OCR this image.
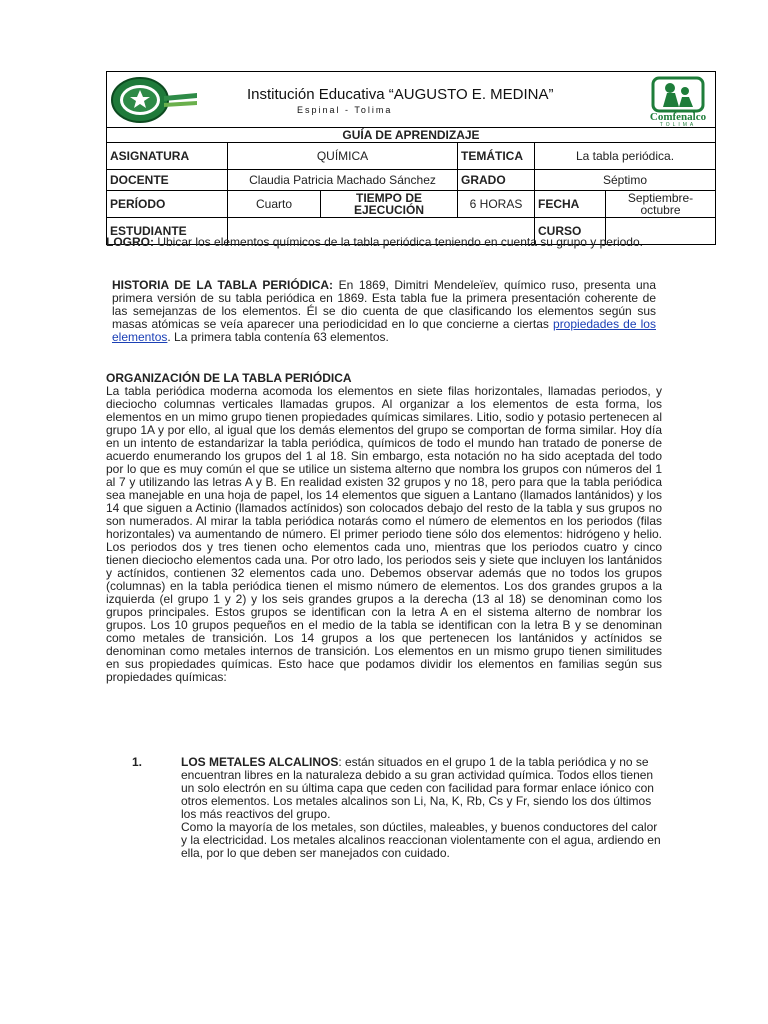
Institución Educativa “AUGUSTO E. MEDINA”
Espinal - Tolima
Comfenalco
TOLIMA
GUÍA DE APRENDIZAJE					
ASIGNATURA	QUÍMICA		TEMÁTICA	La tabla periódica.	
DOCENTE	Claudia Patricia Machado Sánchez		GRADO	Séptimo	
PERÍODO	Cuarto	TIEMPO DE EJECUCIÓN	6 HORAS	FECHA	Septiembre-octubre
ESTUDIANTE				CURSO	
LOGRO: Ubicar los elementos químicos de la tabla periódica teniendo en cuenta su grupo y periodo.
HISTORIA DE LA TABLA PERIÓDICA: En 1869, Dimitri Mendeleïev, químico ruso, presenta una primera versión de su tabla periódica en 1869. Esta tabla fue la primera presentación coherente de las semejanzas de los elementos. Él se dio cuenta de que clasificando los elementos según sus masas atómicas se veía aparecer una periodicidad en lo que concierne a ciertas propiedades de los elementos. La primera tabla contenía 63 elementos.
ORGANIZACIÓN DE LA TABLA PERIÓDICA
La tabla periódica moderna acomoda los elementos en siete filas horizontales, llamadas periodos, y dieciocho columnas verticales llamadas grupos. Al organizar a los elementos de esta forma, los elementos en un mimo grupo tienen propiedades químicas similares. Litio, sodio y potasio pertenecen al grupo 1A y por ello, al igual que los demás elementos del grupo se comportan de forma similar. Hoy día en un intento de estandarizar la tabla periódica, químicos de todo el mundo han tratado de ponerse de acuerdo enumerando los grupos del 1 al 18. Sin embargo, esta notación no ha sido aceptada del todo por lo que es muy común el que se utilice un sistema alterno que nombra los grupos con números del 1 al 7 y utilizando las letras A y B. En realidad existen 32 grupos y no 18, pero para que la tabla periódica sea manejable en una hoja de papel, los 14 elementos que siguen a Lantano (llamados lantánidos) y los 14 que siguen a Actinio (llamados actínidos) son colocados debajo del resto de la tabla y sus grupos no son numerados. Al mirar la tabla periódica notarás como el número de elementos en los periodos (filas horizontales) va aumentando de número. El primer periodo tiene sólo dos elementos: hidrógeno y helio. Los periodos dos y tres tienen ocho elementos cada uno, mientras que los periodos cuatro y cinco tienen dieciocho elementos cada una. Por otro lado, los periodos seis y siete que incluyen los lantánidos y actínidos, contienen 32 elementos cada uno. Debemos observar además que no todos los grupos (columnas) en la tabla periódica tienen el mismo número de elementos. Los dos grandes grupos a la izquierda (el grupo 1 y 2) y los seis grandes grupos a la derecha (13 al 18) se denominan como los grupos principales. Estos grupos se identifican con la letra A en el sistema alterno de nombrar los grupos. Los 10 grupos pequeños en el medio de la tabla se identifican con la letra B y se denominan como metales de transición. Los 14 grupos a los que pertenecen los lantánidos y actínidos se denominan como metales internos de transición. Los elementos en un mismo grupo tienen similitudes en sus propiedades químicas. Esto hace que podamos dividir los elementos en familias según sus propiedades químicas:
1.	LOS METALES ALCALINOS: están situados en el grupo 1 de la tabla periódica y no se encuentran libres en la naturaleza debido a su gran actividad química. Todos ellos tienen un solo electrón en su última capa que ceden con facilidad para formar enlace iónico con otros elementos. Los metales alcalinos son Li, Na, K, Rb, Cs y Fr, siendo los dos últimos los más reactivos del grupo.
Como la mayoría de los metales, son dúctiles, maleables, y buenos conductores del calor y la electricidad. Los metales alcalinos reaccionan violentamente con el agua, ardiendo en ella, por lo que deben ser manejados con cuidado.
